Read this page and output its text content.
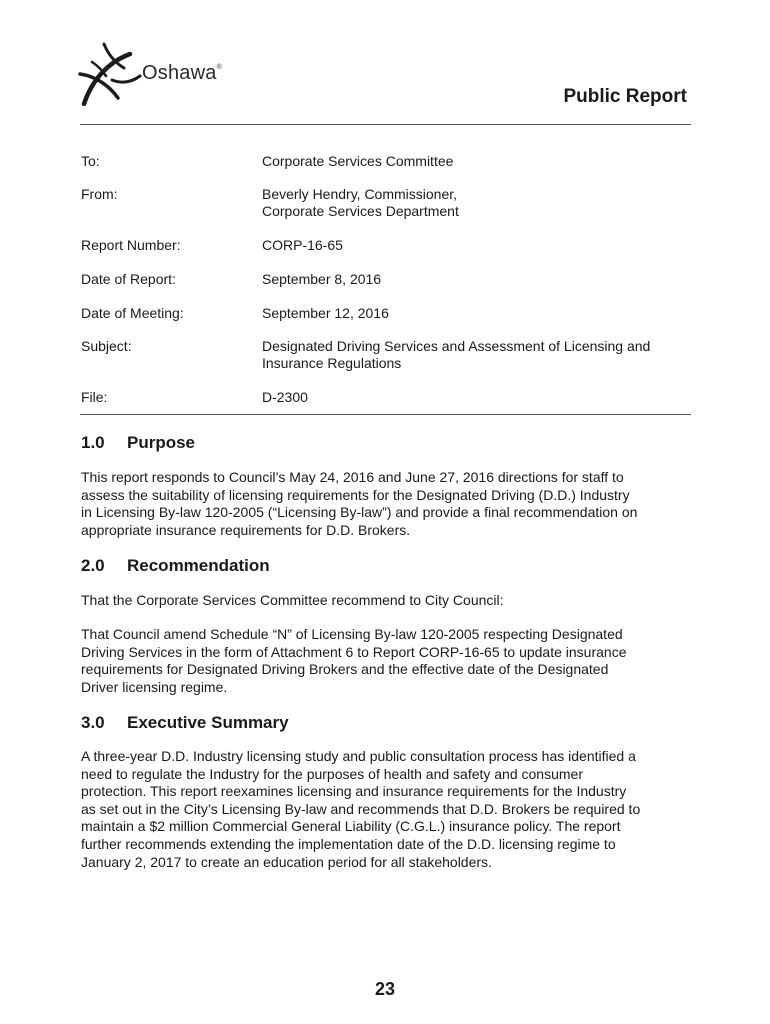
Oshawa®
Public Report
To:	Corporate Services Committee
From:	Beverly Hendry, Commissioner,
Corporate Services Department
Report Number:	CORP-16-65
Date of Report:	September 8, 2016
Date of Meeting:	September 12, 2016
Subject:	Designated Driving Services and Assessment of Licensing and
Insurance Regulations
File:	D-2300
1.0 Purpose

This report responds to Council’s May 24, 2016 and June 27, 2016 directions for staff to
assess the suitability of licensing requirements for the Designated Driving (D.D.) Industry
in Licensing By-law 120-2005 (“Licensing By-law”) and provide a final recommendation on
appropriate insurance requirements for D.D. Brokers.

2.0 Recommendation

That the Corporate Services Committee recommend to City Council:

That Council amend Schedule “N” of Licensing By-law 120-2005 respecting Designated
Driving Services in the form of Attachment 6 to Report CORP-16-65 to update insurance
requirements for Designated Driving Brokers and the effective date of the Designated
Driver licensing regime.

3.0 Executive Summary

A three-year D.D. Industry licensing study and public consultation process has identified a
need to regulate the Industry for the purposes of health and safety and consumer
protection. This report reexamines licensing and insurance requirements for the Industry
as set out in the City’s Licensing By-law and recommends that D.D. Brokers be required to
maintain a $2 million Commercial General Liability (C.G.L.) insurance policy. The report
further recommends extending the implementation date of the D.D. licensing regime to
January 2, 2017 to create an education period for all stakeholders.

23
